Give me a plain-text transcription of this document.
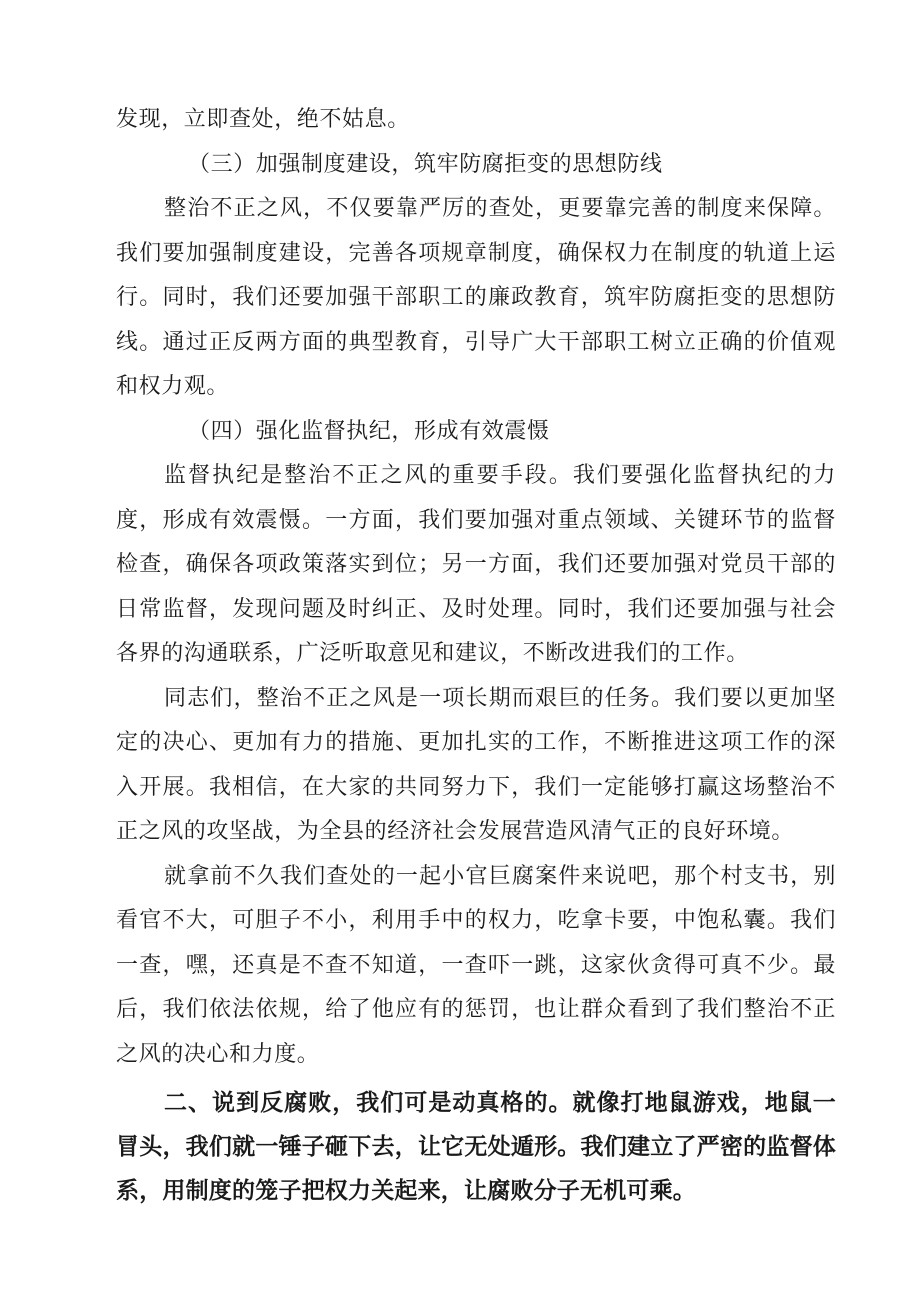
发现，立即查处，绝不姑息。

（三）加强制度建设，筑牢防腐拒变的思想防线

整治不正之风，不仅要靠严厉的查处，更要靠完善的制度来保障。我们要加强制度建设，完善各项规章制度，确保权力在制度的轨道上运行。同时，我们还要加强干部职工的廉政教育，筑牢防腐拒变的思想防线。通过正反两方面的典型教育，引导广大干部职工树立正确的价值观和权力观。

（四）强化监督执纪，形成有效震慑

监督执纪是整治不正之风的重要手段。我们要强化监督执纪的力度，形成有效震慑。一方面，我们要加强对重点领域、关键环节的监督检查，确保各项政策落实到位；另一方面，我们还要加强对党员干部的日常监督，发现问题及时纠正、及时处理。同时，我们还要加强与社会各界的沟通联系，广泛听取意见和建议，不断改进我们的工作。

同志们，整治不正之风是一项长期而艰巨的任务。我们要以更加坚定的决心、更加有力的措施、更加扎实的工作，不断推进这项工作的深入开展。我相信，在大家的共同努力下，我们一定能够打赢这场整治不正之风的攻坚战，为全县的经济社会发展营造风清气正的良好环境。

就拿前不久我们查处的一起小官巨腐案件来说吧，那个村支书，别看官不大，可胆子不小，利用手中的权力，吃拿卡要，中饱私囊。我们一查，嘿，还真是不查不知道，一查吓一跳，这家伙贪得可真不少。最后，我们依法依规，给了他应有的惩罚，也让群众看到了我们整治不正之风的决心和力度。

二、说到反腐败，我们可是动真格的。就像打地鼠游戏，地鼠一冒头，我们就一锤子砸下去，让它无处遁形。我们建立了严密的监督体系，用制度的笼子把权力关起来，让腐败分子无机可乘。
